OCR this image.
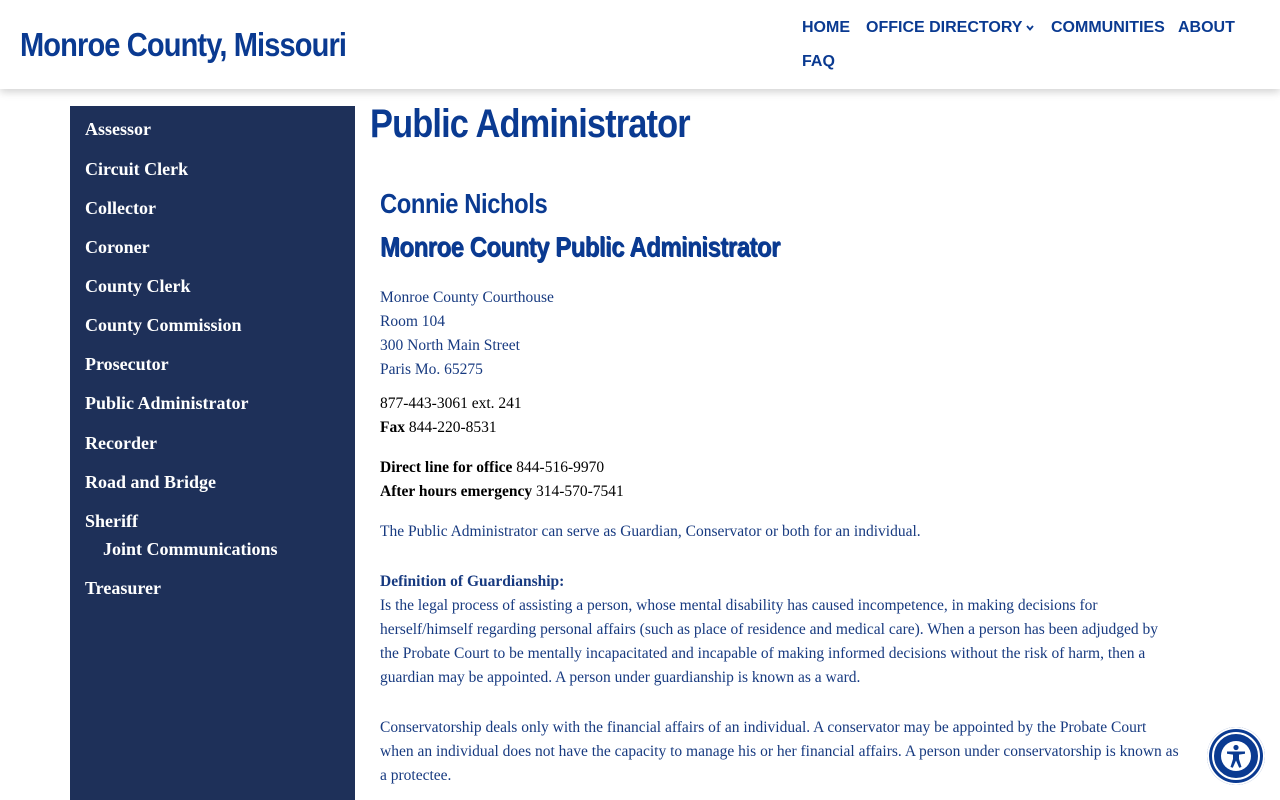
Monroe County, Missouri	HOME OFFICE DIRECTORY	COMMUNITIES ABOUT
FAQ
Assessor
Circuit Clerk
Collector
Coroner
County Clerk
County Commission
Prosecutor
Public Administrator
Recorder
Road and Bridge
Sheriff
Joint Communications
Treasurer
Public Administrator
Connie Nichols
Monroe County Public Administrator
Monroe County Courthouse
Room 104
300 North Main Street
Paris Mo. 65275
877-443-3061 ext. 241
Fax 844-220-8531
Direct line for office 844-516-9970
After hours emergency 314-570-7541
The Public Administrator can serve as Guardian, Conservator or both for an individual.
Definition of Guardianship:
Is the legal process of assisting a person, whose mental disability has caused incompetence, in making decisions for herself/himself regarding personal affairs (such as place of residence and medical care). When a person has been adjudged by the Probate Court to be mentally incapacitated and incapable of making informed decisions without the risk of harm, then a guardian may be appointed. A person under guardianship is known as a ward.
Conservatorship deals only with the financial affairs of an individual. A conservator may be appointed by the Probate Court when an individual does not have the capacity to manage his or her financial affairs. A person under conservatorship is known as a protectee.
